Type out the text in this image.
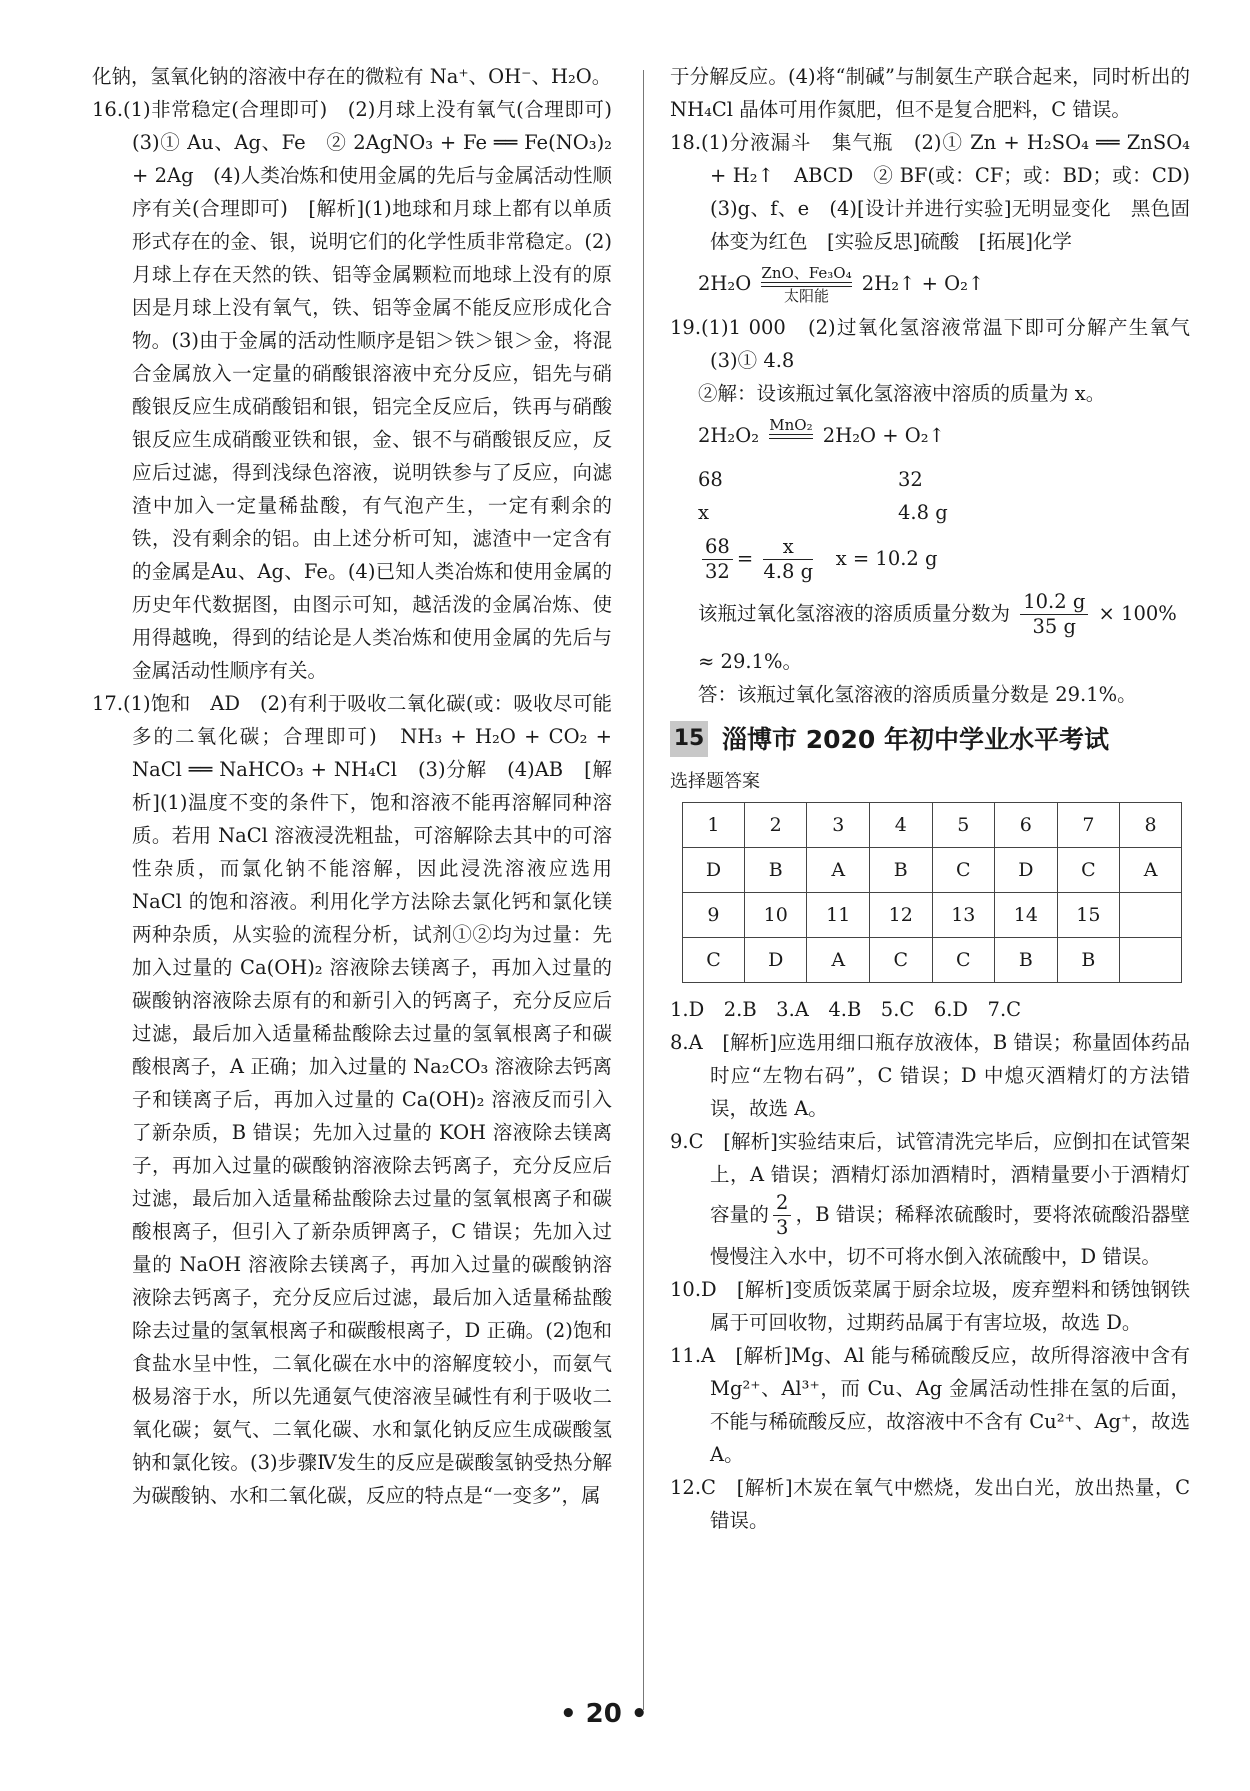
化钠，氢氧化钠的溶液中存在的微粒有 Na⁺、OH⁻、H₂O。

16.(1)非常稳定(合理即可)　(2)月球上没有氧气(合理即可)　(3)① Au、Ag、Fe　② 2AgNO₃ + Fe ══ Fe(NO₃)₂ + 2Ag　(4)人类冶炼和使用金属的先后与金属活动性顺序有关(合理即可)　[解析](1)地球和月球上都有以单质形式存在的金、银，说明它们的化学性质非常稳定。(2)月球上存在天然的铁、铝等金属颗粒而地球上没有的原因是月球上没有氧气，铁、铝等金属不能反应形成化合物。(3)由于金属的活动性顺序是铝＞铁＞银＞金，将混合金属放入一定量的硝酸银溶液中充分反应，铝先与硝酸银反应生成硝酸铝和银，铝完全反应后，铁再与硝酸银反应生成硝酸亚铁和银，金、银不与硝酸银反应，反应后过滤，得到浅绿色溶液，说明铁参与了反应，向滤渣中加入一定量稀盐酸，有气泡产生，一定有剩余的铁，没有剩余的铝。由上述分析可知，滤渣中一定含有的金属是Au、Ag、Fe。(4)已知人类冶炼和使用金属的历史年代数据图，由图示可知，越活泼的金属冶炼、使用得越晚，得到的结论是人类冶炼和使用金属的先后与金属活动性顺序有关。

17.(1)饱和　AD　(2)有利于吸收二氧化碳(或：吸收尽可能多的二氧化碳；合理即可)　NH₃ + H₂O + CO₂ + NaCl ══ NaHCO₃ + NH₄Cl　(3)分解　(4)AB　[解析](1)温度不变的条件下，饱和溶液不能再溶解同种溶质。若用 NaCl 溶液浸洗粗盐，可溶解除去其中的可溶性杂质，而氯化钠不能溶解，因此浸洗溶液应选用 NaCl 的饱和溶液。利用化学方法除去氯化钙和氯化镁两种杂质，从实验的流程分析，试剂①②均为过量：先加入过量的 Ca(OH)₂ 溶液除去镁离子，再加入过量的碳酸钠溶液除去原有的和新引入的钙离子，充分反应后过滤，最后加入适量稀盐酸除去过量的氢氧根离子和碳酸根离子，A 正确；加入过量的 Na₂CO₃ 溶液除去钙离子和镁离子后，再加入过量的 Ca(OH)₂ 溶液反而引入了新杂质，B 错误；先加入过量的 KOH 溶液除去镁离子，再加入过量的碳酸钠溶液除去钙离子，充分反应后过滤，最后加入适量稀盐酸除去过量的氢氧根离子和碳酸根离子，但引入了新杂质钾离子，C 错误；先加入过量的 NaOH 溶液除去镁离子，再加入过量的碳酸钠溶液除去钙离子，充分反应后过滤，最后加入适量稀盐酸除去过量的氢氧根离子和碳酸根离子，D 正确。(2)饱和食盐水呈中性，二氧化碳在水中的溶解度较小，而氨气极易溶于水，所以先通氨气使溶液呈碱性有利于吸收二氧化碳；氨气、二氧化碳、水和氯化钠反应生成碳酸氢钠和氯化铵。(3)步骤Ⅳ发生的反应是碳酸氢钠受热分解为碳酸钠、水和二氧化碳，反应的特点是“一变多”，属

于分解反应。(4)将“制碱”与制氨生产联合起来，同时析出的 NH₄Cl 晶体可用作氮肥，但不是复合肥料，C 错误。

18.(1)分液漏斗　集气瓶　(2)① Zn + H₂SO₄ ══ ZnSO₄ + H₂↑　ABCD　② BF(或：CF；或：BD；或：CD)　(3)g、f、e　(4)[设计并进行实验]无明显变化　黑色固体变为红色　[实验反思]硫酸　[拓展]化学

2H₂O ZnO、Fe₃O₄
太阳能
2H₂↑ + O₂↑

19.(1)1 000　(2)过氧化氢溶液常温下即可分解产生氧气　(3)① 4.8

②解：设该瓶过氧化氢溶液中溶质的质量为 x。

2H₂O₂ MnO₂
2H₂O + O₂↑
68	32
x	4.8 g
$\frac{68}{32} = \frac{x}{4.8 g}$ x = 10.2 g
该瓶过氧化氢溶液的溶质质量分数为 $\frac{10.2 g}{35 g} \times 100\%$

≈ 29.1%。

答：该瓶过氧化氢溶液的溶质质量分数是 29.1%。

15 淄博市 2020 年初中学业水平考试
选择题答案
1	2	3	4	5	6	7	8
D	B	A	B	C	D	C	A
9	10	11	12	13	14	15	
C	D	A	C	C	B	B	

1.D　2.B　3.A　4.B　5.C　6.D　7.C

8.A　[解析]应选用细口瓶存放液体，B 错误；称量固体药品时应“左物右码”，C 错误；D 中熄灭酒精灯的方法错误，故选 A。

9.C　[解析]实验结束后，试管清洗完毕后，应倒扣在试管架上，A 错误；酒精灯添加酒精时，酒精量要小于酒精灯容量的 $\frac{2}{3}$ ，B 错误；稀释浓硫酸时，要将浓硫酸沿器壁慢慢注入水中，切不可将水倒入浓硫酸中，D 错误。

10.D　[解析]变质饭菜属于厨余垃圾，废弃塑料和锈蚀钢铁属于可回收物，过期药品属于有害垃圾，故选 D。

11.A　[解析]Mg、Al 能与稀硫酸反应，故所得溶液中含有 Mg²⁺、Al³⁺，而 Cu、Ag 金属活动性排在氢的后面，不能与稀硫酸反应，故溶液中不含有 Cu²⁺、Ag⁺，故选 A。

12.C　[解析]木炭在氧气中燃烧，发出白光，放出热量，C 错误。

• 20 •
